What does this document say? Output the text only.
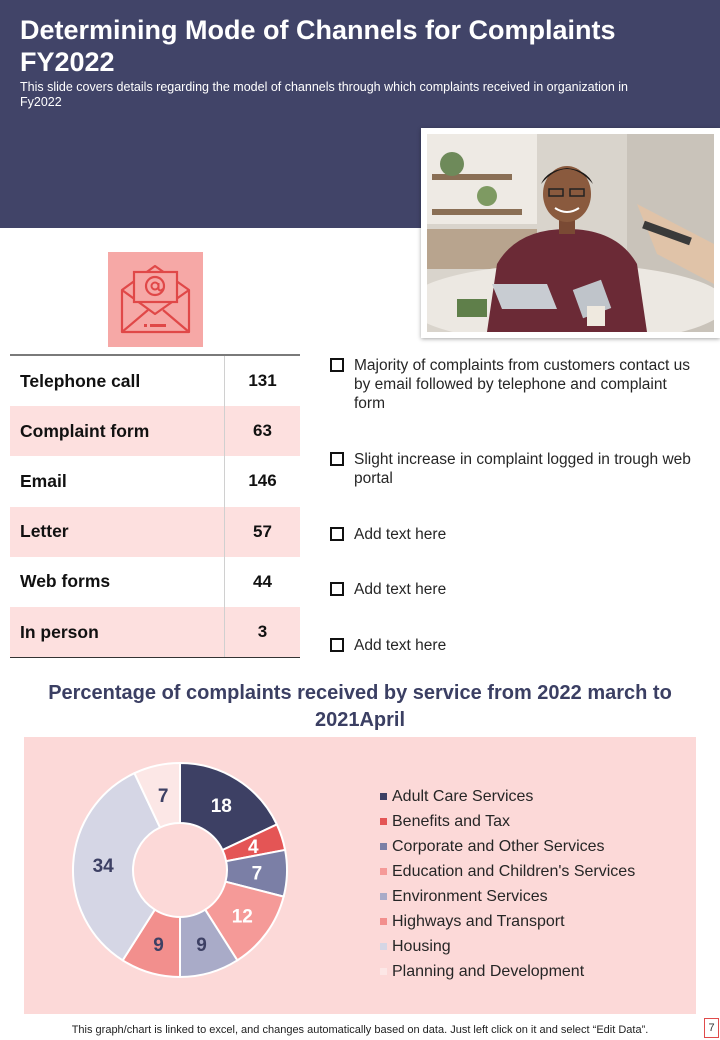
Determining Mode of Channels for Complaints FY2022
This slide covers details regarding the model of channels through which complaints received in organization in Fy2022
Telephone call	131
Complaint form	63
Email	146
Letter	57
Web forms	44
In person	3
Majority of complaints from customers contact us by email followed by telephone and complaint form
Slight increase in complaint logged in trough web portal
Add text here
Add text here
Add text here
Percentage of complaints received by service from 2022 march to 2021April
18
4
7
12
9
9
34
7	Adult Care Services
Benefits and Tax
Corporate and Other Services
Education and Children's Services
Environment Services
Highways and Transport
Housing
Planning and Development
This graph/chart is linked to excel, and changes automatically based on data. Just left click on it and select “Edit Data”.	7
